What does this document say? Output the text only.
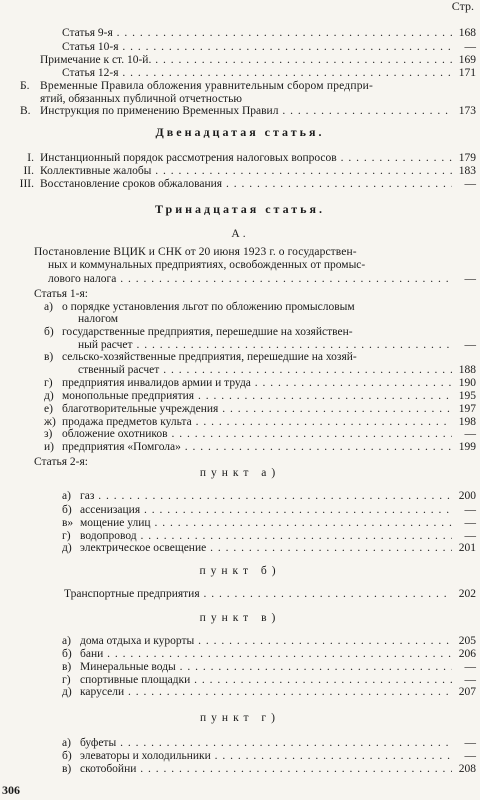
Стр.
Статья 9-я . . .	168
Статья 10-я . . .	—
Примечание к ст. 10-й. . . .	169
Статья 12-я . . .	171
Б. Временные Правила обложения уравнительным сбором предпри-
ятий, обязанных публичной отчетностью
В. Инструкция по применению Временных Правил . . .	173
Двенадцатая статья.
I. Инстанционный порядок рассмотрения налоговых вопросов . . .	179
II. Коллективные жалобы . . .	183
III. Восстановление сроков обжалования . . .	—
Тринадцатая статья.
А.
Постановление ВЦИК и СНК от 20 июня 1923 г. о государствен-
ных и коммунальных предприятиях, освобожденных от промыс-
лового налога . . .	—
Статья 1-я:
а) о порядке установления льгот по обложению промысловым
налогом
б) государственные предприятия, перешедшие на хозяйствен-
ный расчет . . .	—
в) сельско-хозяйственные предприятия, перешедшие на хозяй-
ственный расчет . . .	188
г) предприятия инвалидов армии и труда . . .	190
д) монопольные предприятия . . .	195
е) благотворительные учреждения . . .	197
ж) продажа предметов культа . . .	198
з) обложение охотников . . .	—
и) предприятия «Помгола» . . .	199
Статья 2-я:
пункт а)
а) газ . . .	200
б) ассенизация . . .	—
в» мощение улиц . . .	—
г) водопровод . . .	—
д) электрическое освещение . . .	201
пункт б)
Транспортные предприятия . . .	202
пункт в)
а) дома отдыха и курорты . . .	205
б) бани . . .	206
в) Минеральные воды . . .	—
г) спортивные площадки . . .	—
д) карусели . . .	207
пункт г)
а) буфеты . . .	—
б) элеваторы и холодильники . . .	—
в) скотобойни . . .	208
306
